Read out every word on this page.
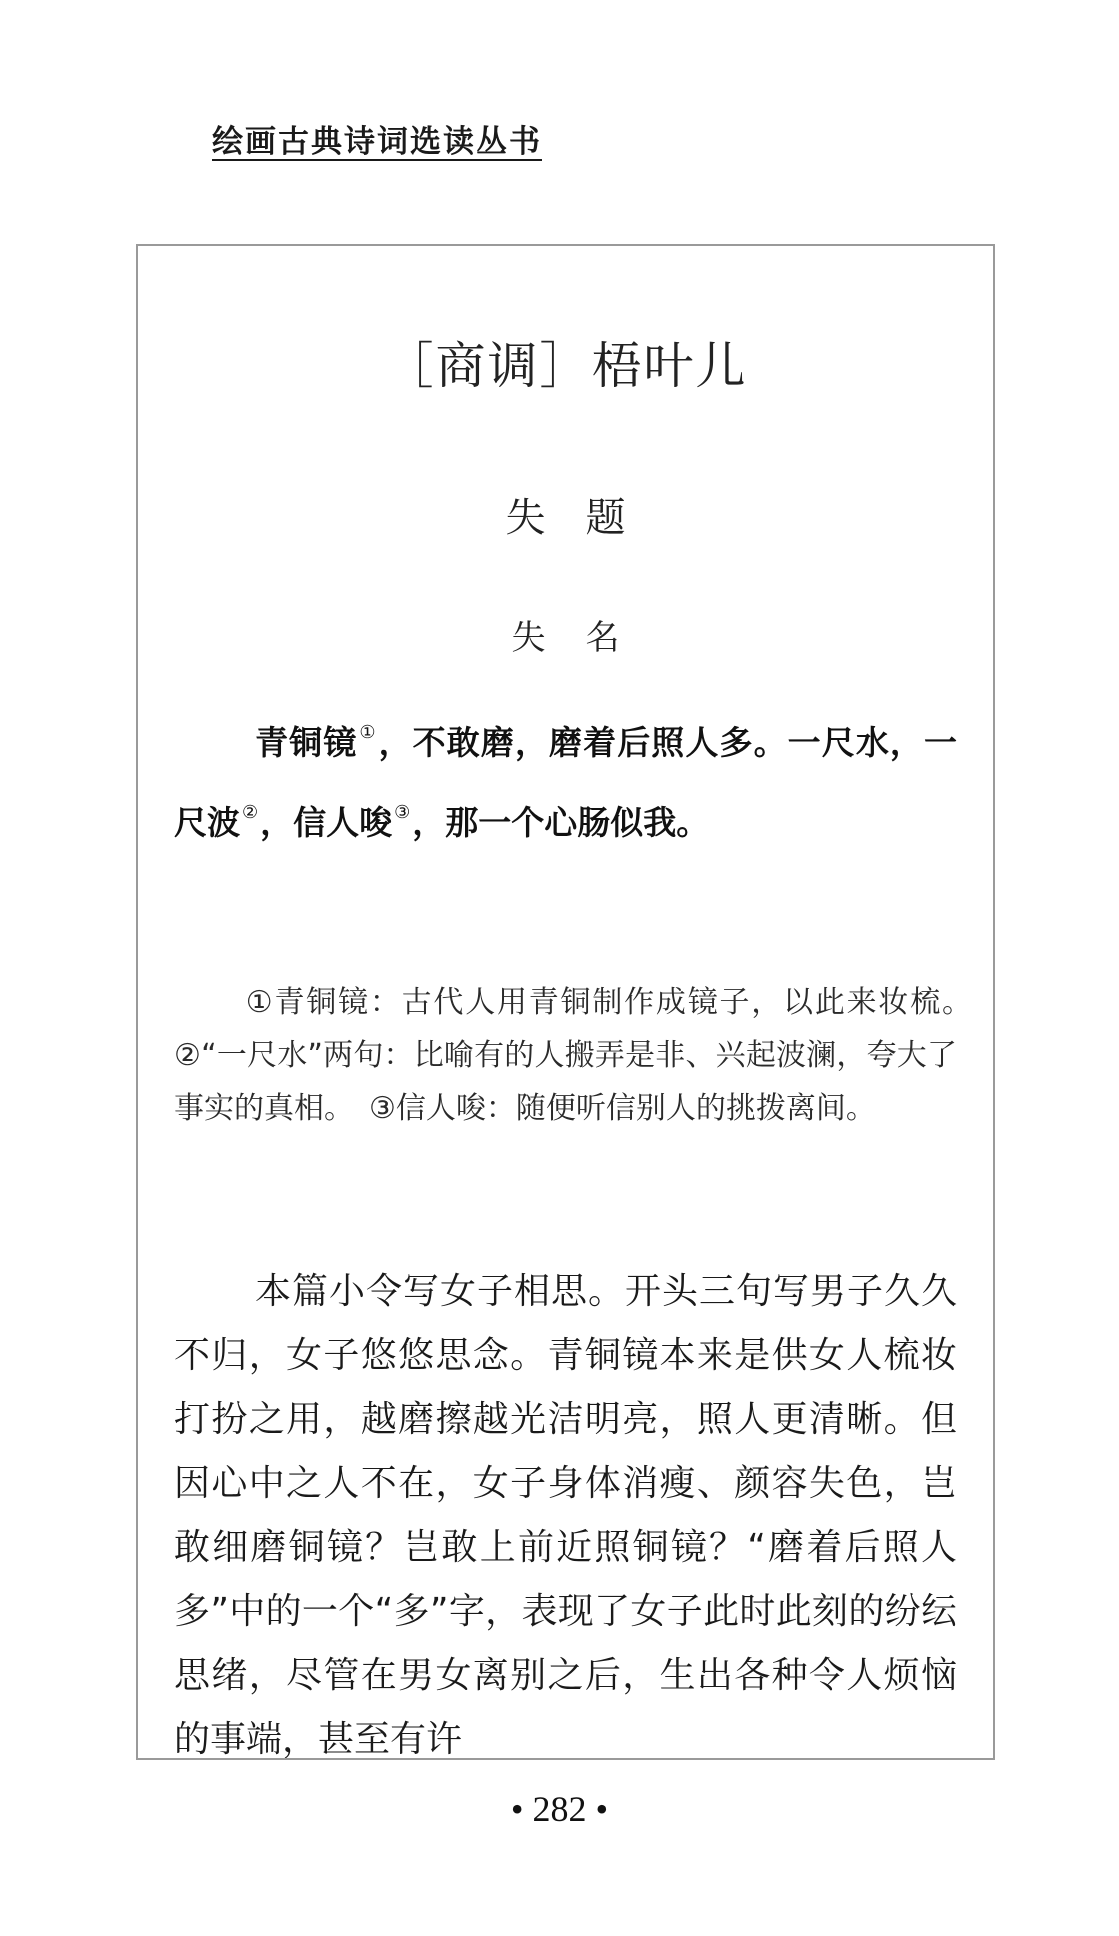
绘画古典诗词选读丛书
［商调］梧叶儿
失题
失名
青铜镜 ①，不敢磨，磨着后照人多。一尺水，一尺波 ②，信人唆 ③，那一个心肠似我。
①青铜镜：古代人用青铜制作成镜子，以此来妆梳。　②“一尺水”两句：比喻有的人搬弄是非、兴起波澜，夸大了事实的真相。　③信人唆：随便听信别人的挑拨离间。
本篇小令写女子相思。开头三句写男子久久不归，女子悠悠思念。青铜镜本来是供女人梳妆打扮之用，越磨擦越光洁明亮，照人更清晰。但因心中之人不在，女子身体消瘦、颜容失色，岂敢细磨铜镜？岂敢上前近照铜镜？“磨着后照人多”中的一个“多”字，表现了女子此时此刻的纷纭思绪，尽管在男女离别之后，生出各种令人烦恼的事端，甚至有许
• 282 •
